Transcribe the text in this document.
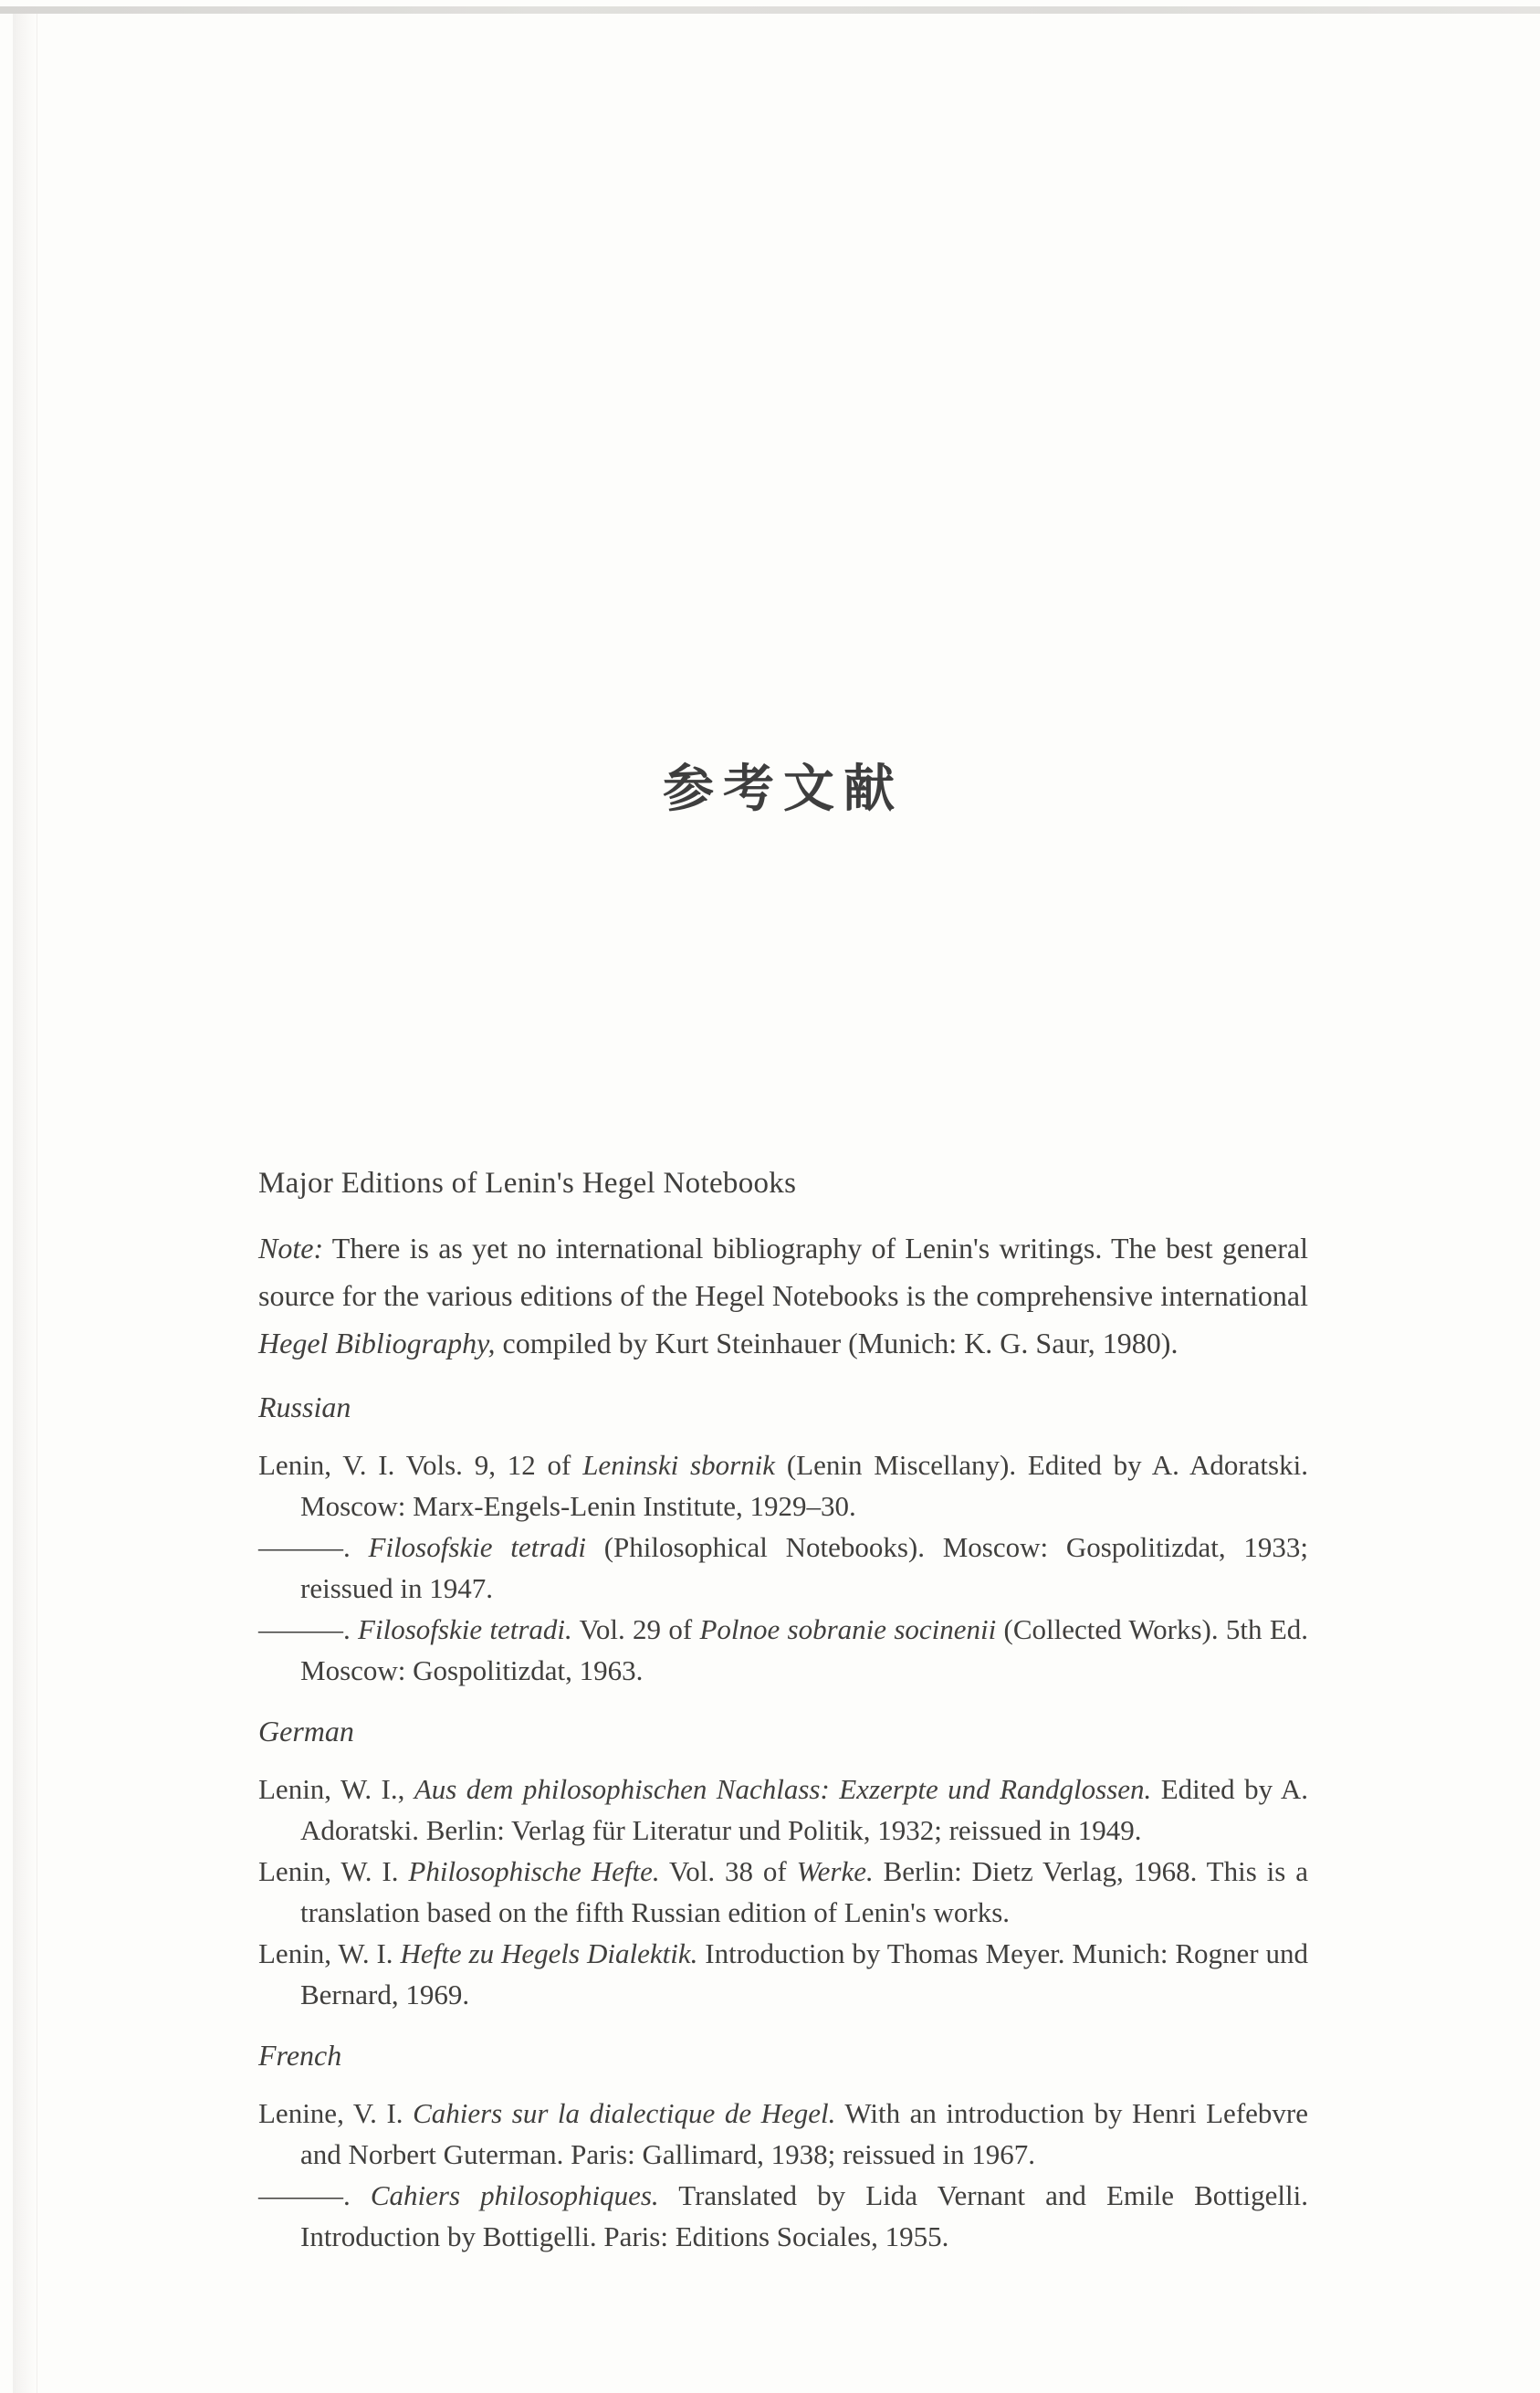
参考文献
Major Editions of Lenin's Hegel Notebooks

Note: There is as yet no international bibliography of Lenin's writings. The best general source for the various editions of the Hegel Notebooks is the comprehensive international Hegel Bibliography, compiled by Kurt Steinhauer (Munich: K. G. Saur, 1980).

Russian

Lenin, V. I. Vols. 9, 12 of Leninski sbornik (Lenin Miscellany). Edited by A. Adoratski. Moscow: Marx-Engels-Lenin Institute, 1929–30.

———. Filosofskie tetradi (Philosophical Notebooks). Moscow: Gospolitizdat, 1933; reissued in 1947.

———. Filosofskie tetradi. Vol. 29 of Polnoe sobranie socinenii (Collected Works). 5th Ed. Moscow: Gospolitizdat, 1963.

German

Lenin, W. I., Aus dem philosophischen Nachlass: Exzerpte und Randglossen. Edited by A. Adoratski. Berlin: Verlag für Literatur und Politik, 1932; reissued in 1949.

Lenin, W. I. Philosophische Hefte. Vol. 38 of Werke. Berlin: Dietz Verlag, 1968. This is a translation based on the fifth Russian edition of Lenin's works.

Lenin, W. I. Hefte zu Hegels Dialektik. Introduction by Thomas Meyer. Munich: Rogner und Bernard, 1969.

French

Lenine, V. I. Cahiers sur la dialectique de Hegel. With an introduction by Henri Lefebvre and Norbert Guterman. Paris: Gallimard, 1938; reissued in 1967.

———. Cahiers philosophiques. Translated by Lida Vernant and Emile Bottigelli. Introduction by Bottigelli. Paris: Editions Sociales, 1955.
